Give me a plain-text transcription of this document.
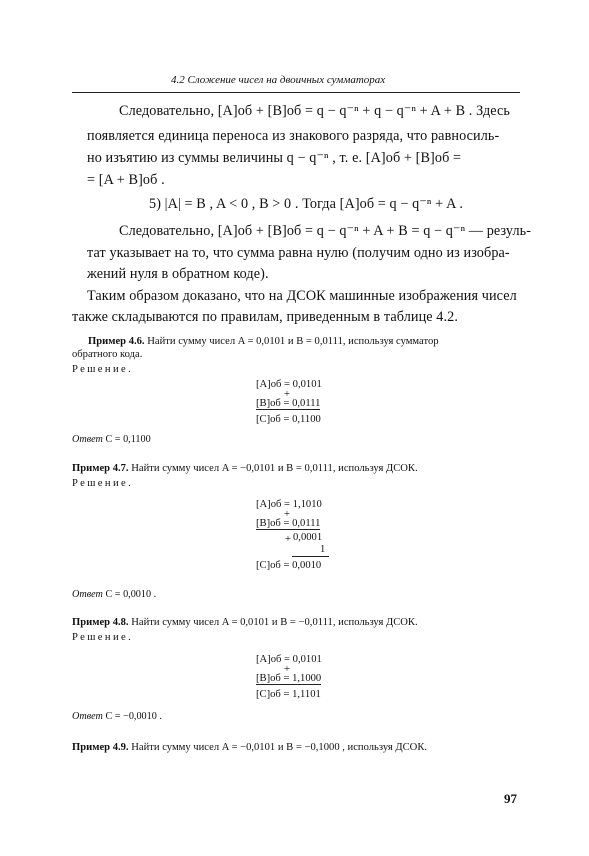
4.2 Сложение чисел на двоичных сумматорах
Следовательно, [A]об + [B]об = q − q⁻ⁿ + q − q⁻ⁿ + A + B . Здесь
появляется единица переноса из знакового разряда, что равносиль-
но изъятию из суммы величины q − q⁻ⁿ , т. е. [A]об + [B]об =
= [A + B]об .
5) |A| = B , A < 0 , B > 0 . Тогда [A]об = q − q⁻ⁿ + A .
Следовательно, [A]об + [B]об = q − q⁻ⁿ + A + B = q − q⁻ⁿ — резуль-
тат указывает на то, что сумма равна нулю (получим одно из изобра-
жений нуля в обратном коде).
Таким образом доказано, что на ДСОК машинные изображения чисел
также складываются по правилам, приведенным в таблице 4.2.
Пример 4.6. Найти сумму чисел A = 0,0101 и B = 0,0111, используя сумматор
обратного кода.
Решение.
[A]об = 0,0101
+
[B]об = 0,0111
[C]об = 0,1100
Ответ C = 0,1100
Пример 4.7. Найти сумму чисел A = −0,0101 и B = 0,0111, используя ДСОК.
Решение.
[A]об = 1,1010
+
[B]об = 0,0111
+ 0,0001
1
[C]об = 0,0010
Ответ C = 0,0010 .
Пример 4.8. Найти сумму чисел A = 0,0101 и B = −0,0111, используя ДСОК.
Решение.
[A]об = 0,0101
+
[B]об = 1,1000
[C]об = 1,1101
Ответ C = −0,0010 .
Пример 4.9. Найти сумму чисел A = −0,0101 и B = −0,1000 , используя ДСОК.
97
